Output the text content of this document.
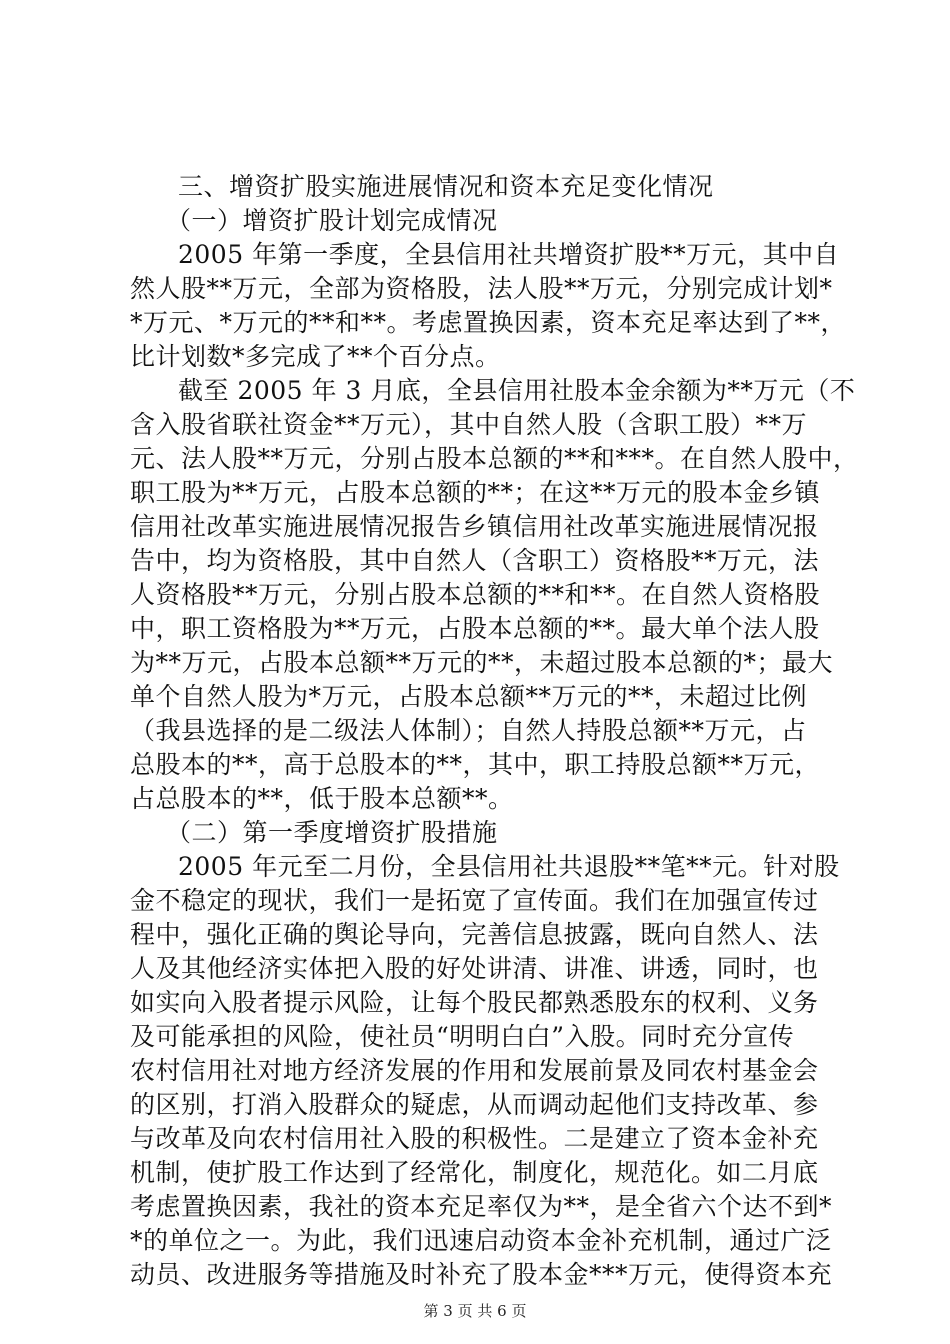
三、增资扩股实施进展情况和资本充足变化情况
（一）增资扩股计划完成情况
2005 年第一季度，全县信用社共增资扩股**万元，其中自
然人股**万元，全部为资格股，法人股**万元，分别完成计划*
*万元、*万元的**和**。考虑置换因素，资本充足率达到了**，
比计划数*多完成了**个百分点。
截至 2005 年 3 月底，全县信用社股本金余额为**万元（不
含入股省联社资金**万元），其中自然人股（含职工股）**万
元、法人股**万元，分别占股本总额的**和***。在自然人股中，
职工股为**万元，占股本总额的**；在这**万元的股本金乡镇
信用社改革实施进展情况报告乡镇信用社改革实施进展情况报
告中，均为资格股，其中自然人（含职工）资格股**万元，法
人资格股**万元，分别占股本总额的**和**。在自然人资格股
中，职工资格股为**万元，占股本总额的**。最大单个法人股
为**万元，占股本总额**万元的**，未超过股本总额的*；最大
单个自然人股为*万元，占股本总额**万元的**，未超过比例
（我县选择的是二级法人体制）；自然人持股总额**万元，占
总股本的**，高于总股本的**，其中，职工持股总额**万元，
占总股本的**，低于股本总额**。
（二）第一季度增资扩股措施
2005 年元至二月份，全县信用社共退股**笔**元。针对股
金不稳定的现状，我们一是拓宽了宣传面。我们在加强宣传过
程中，强化正确的舆论导向，完善信息披露，既向自然人、法
人及其他经济实体把入股的好处讲清、讲准、讲透，同时，也
如实向入股者提示风险，让每个股民都熟悉股东的权利、义务
及可能承担的风险，使社员“明明白白”入股。同时充分宣传
农村信用社对地方经济发展的作用和发展前景及同农村基金会
的区别，打消入股群众的疑虑，从而调动起他们支持改革、参
与改革及向农村信用社入股的积极性。二是建立了资本金补充
机制，使扩股工作达到了经常化，制度化，规范化。如二月底
考虑置换因素，我社的资本充足率仅为**，是全省六个达不到*
*的单位之一。为此，我们迅速启动资本金补充机制，通过广泛
动员、改进服务等措施及时补充了股本金***万元，使得资本充
第 3 页 共 6 页
